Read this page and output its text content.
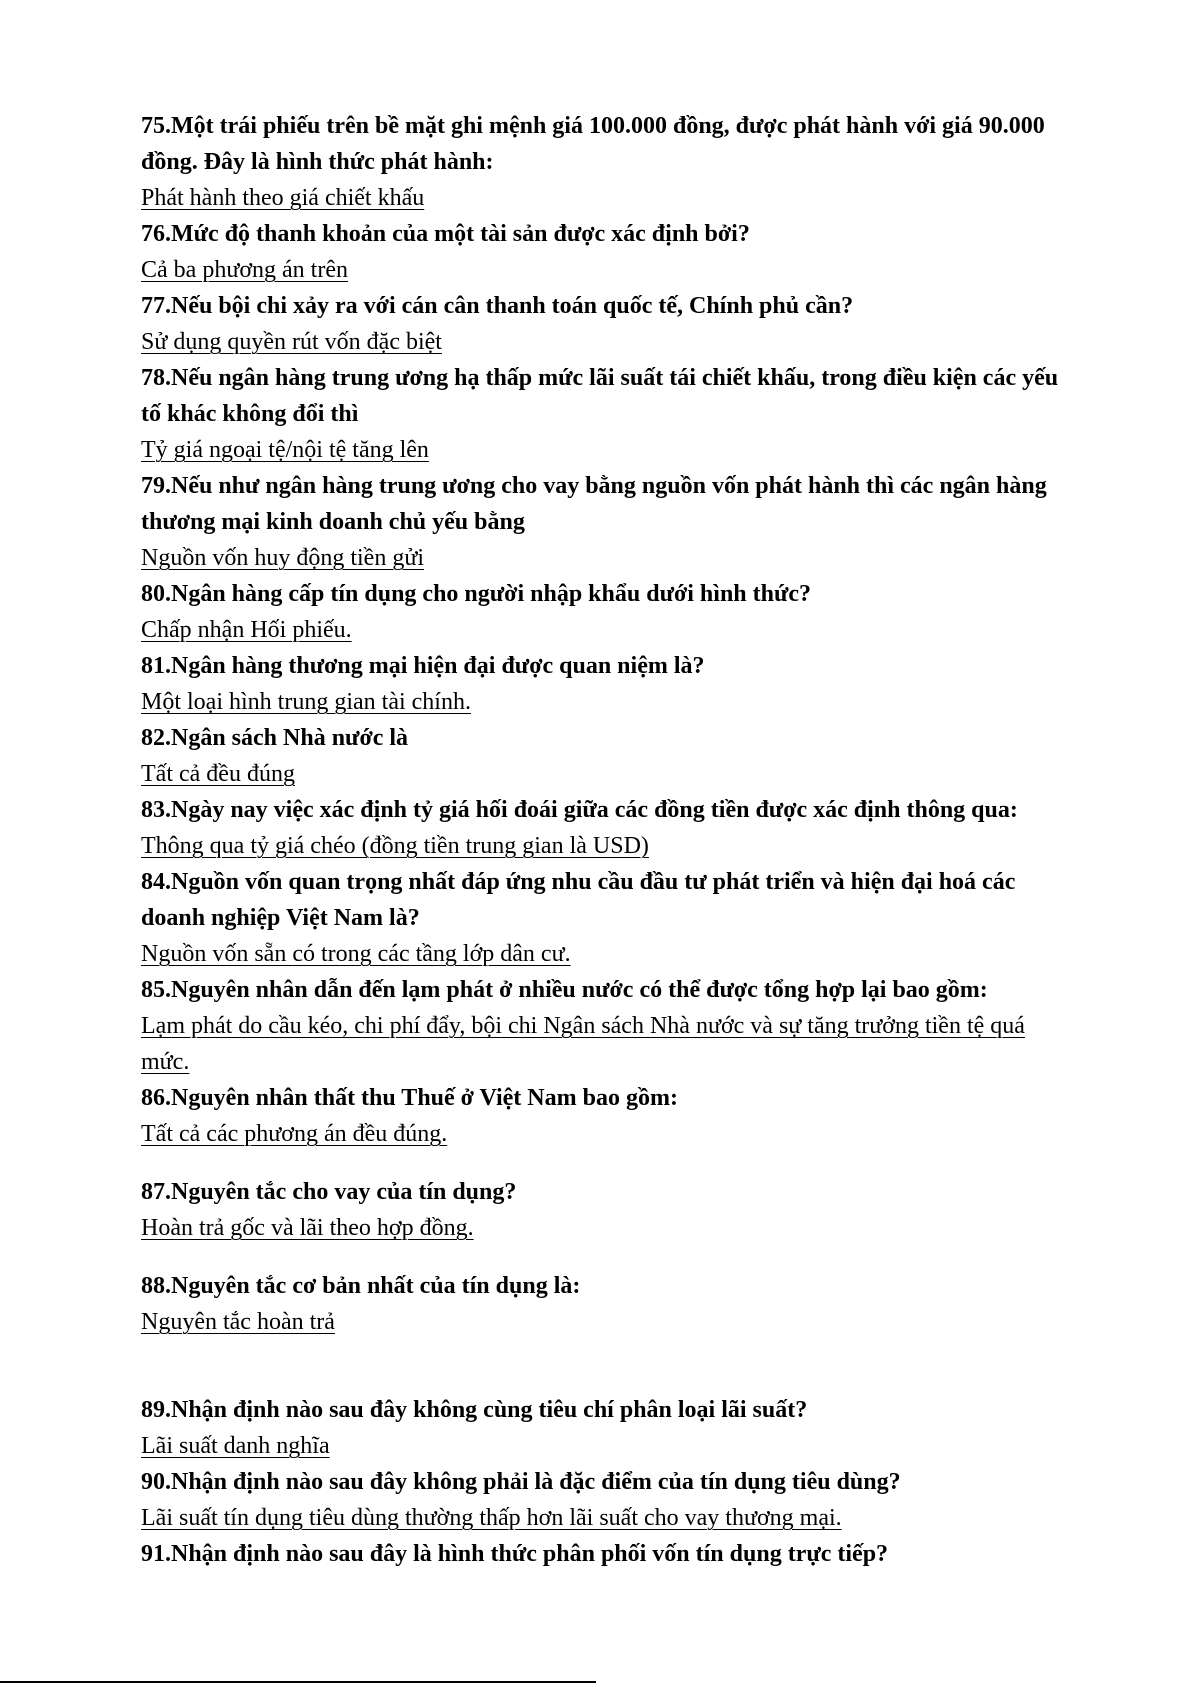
75.Một trái phiếu trên bề mặt ghi mệnh giá 100.000 đồng, được phát hành với giá 90.000 đồng. Đây là hình thức phát hành:

Phát hành theo giá chiết khấu

76.Mức độ thanh khoản của một tài sản được xác định bởi?

Cả ba phương án trên

77.Nếu bội chi xảy ra với cán cân thanh toán quốc tế, Chính phủ cần?

Sử dụng quyền rút vốn đặc biệt

78.Nếu ngân hàng trung ương hạ thấp mức lãi suất tái chiết khấu, trong điều kiện các yếu tố khác không đổi thì

Tỷ giá ngoại tệ/nội tệ tăng lên

79.Nếu như ngân hàng trung ương cho vay bằng nguồn vốn phát hành thì các ngân hàng thương mại kinh doanh chủ yếu bằng

Nguồn vốn huy động tiền gửi

80.Ngân hàng cấp tín dụng cho người nhập khẩu dưới hình thức?

Chấp nhận Hối phiếu.

81.Ngân hàng thương mại hiện đại được quan niệm là?

Một loại hình trung gian tài chính.

82.Ngân sách Nhà nước là

Tất cả đều đúng

83.Ngày nay việc xác định tỷ giá hối đoái giữa các đồng tiền được xác định thông qua:

Thông qua tỷ giá chéo (đồng tiền trung gian là USD)

84.Nguồn vốn quan trọng nhất đáp ứng nhu cầu đầu tư phát triển và hiện đại hoá các doanh nghiệp Việt Nam là?

Nguồn vốn sẵn có trong các tầng lớp dân cư.

85.Nguyên nhân dẫn đến lạm phát ở nhiều nước có thể được tổng hợp lại bao gồm:

Lạm phát do cầu kéo, chi phí đẩy, bội chi Ngân sách Nhà nước và sự tăng trưởng tiền tệ quá mức.

86.Nguyên nhân thất thu Thuế ở Việt Nam bao gồm:

Tất cả các phương án đều đúng.

87.Nguyên tắc cho vay của tín dụng?

Hoàn trả gốc và lãi theo hợp đồng.

88.Nguyên tắc cơ bản nhất của tín dụng là:

Nguyên tắc hoàn trả

89.Nhận định nào sau đây không cùng tiêu chí phân loại lãi suất?

Lãi suất danh nghĩa

90.Nhận định nào sau đây không phải là đặc điểm của tín dụng tiêu dùng?

Lãi suất tín dụng tiêu dùng thường thấp hơn lãi suất cho vay thương mại.

91.Nhận định nào sau đây là hình thức phân phối vốn tín dụng trực tiếp?
